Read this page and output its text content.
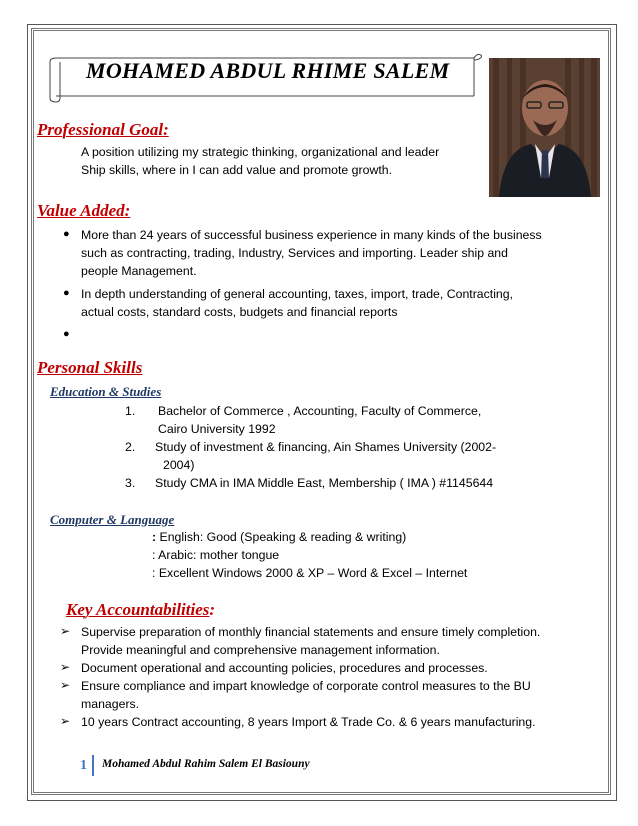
MOHAMED ABDUL RHIME SALEM
Professional Goal:
A position utilizing my strategic thinking, organizational and leader
Ship skills, where in I can add value and promote growth.
Value Added:
● More than 24 years of successful business experience in many kinds of the business
such as contracting, trading, Industry, Services and importing. Leader ship and
people Management.
● In depth understanding of general accounting, taxes, import, trade, Contracting,
actual costs, standard costs, budgets and financial reports
●
Personal Skills
Education & Studies
1. Bachelor of Commerce , Accounting, Faculty of Commerce,
Cairo University 1992
2. Study of investment & financing, Ain Shames University (2002-
2004)
3. Study CMA in IMA Middle East, Membership ( IMA ) #1145644
Computer & Language
: English: Good (Speaking & reading & writing)
: Arabic: mother tongue
: Excellent Windows 2000 & XP – Word & Excel – Internet
Key Accountabilities:
➢ Supervise preparation of monthly financial statements and ensure timely completion.
Provide meaningful and comprehensive management information.
➢ Document operational and accounting policies, procedures and processes.
➢ Ensure compliance and impart knowledge of corporate control measures to the BU
managers.
➢ 10 years Contract accounting, 8 years Import & Trade Co. & 6 years manufacturing.
1 Mohamed Abdul Rahim Salem El Basiouny
